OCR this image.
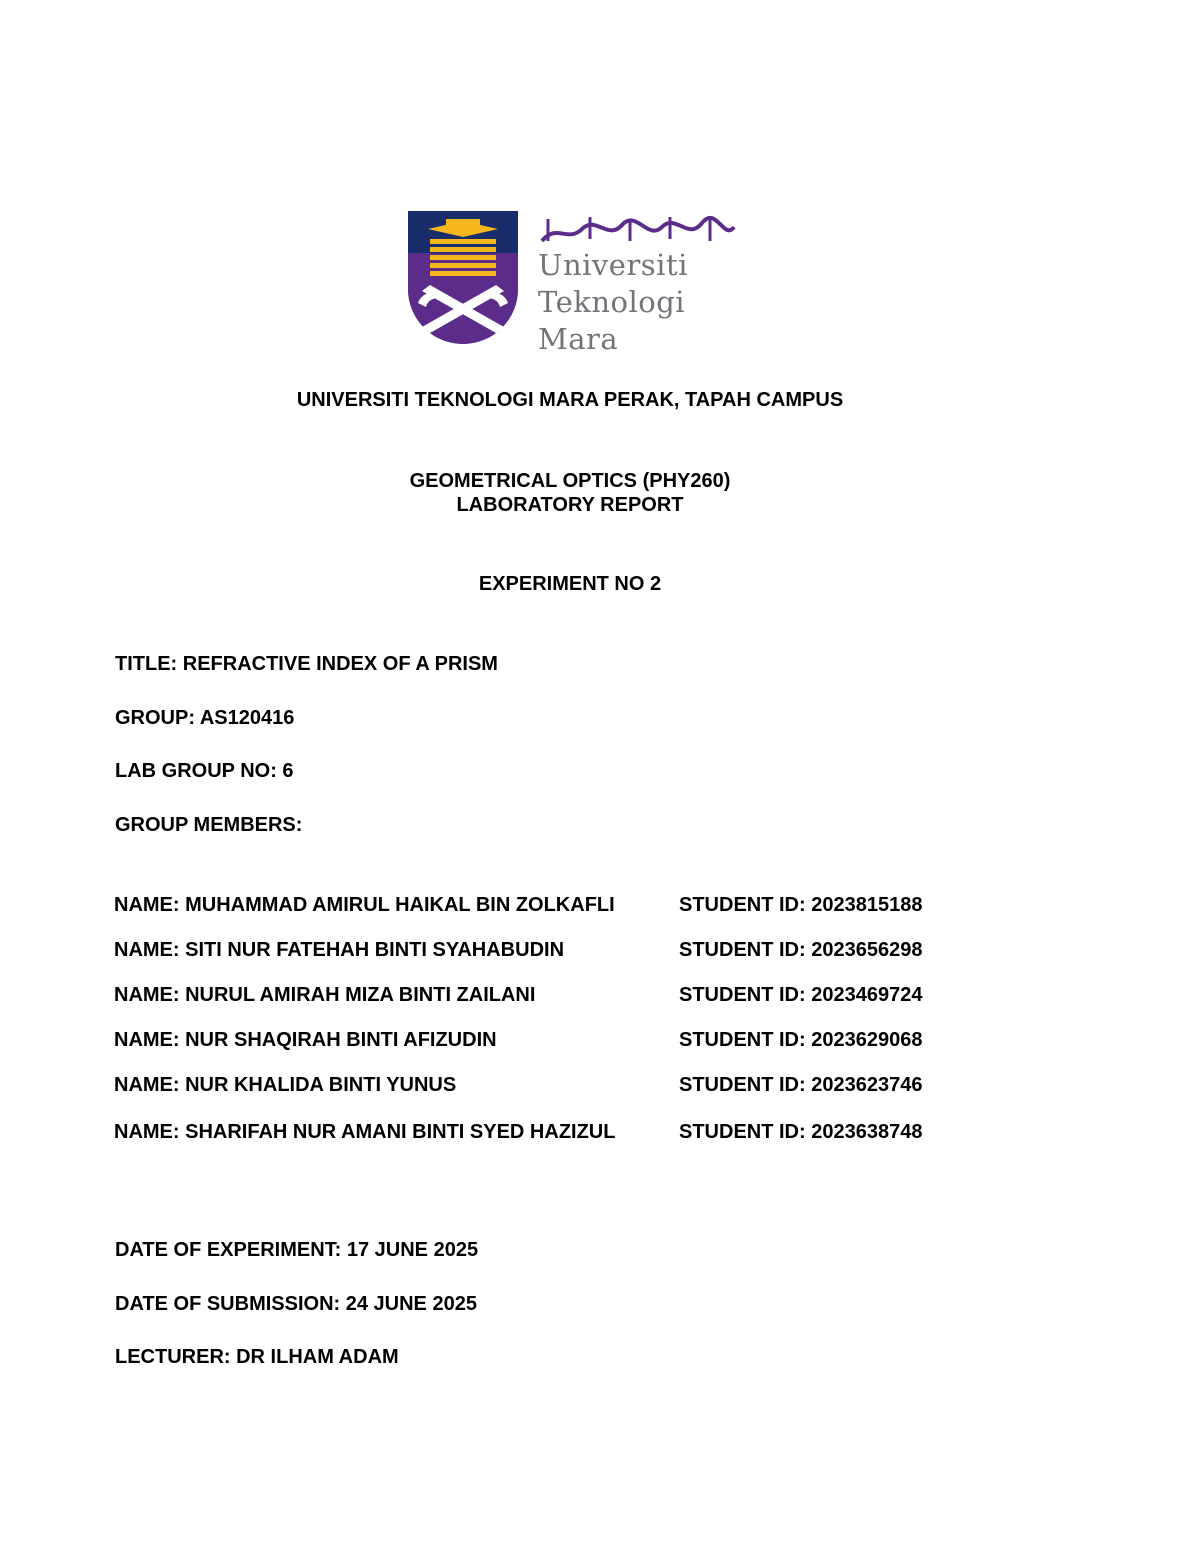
Universiti
Teknologi
Mara
UNIVERSITI TEKNOLOGI MARA PERAK, TAPAH CAMPUS
GEOMETRICAL OPTICS (PHY260)
LABORATORY REPORT
EXPERIMENT NO 2
TITLE: REFRACTIVE INDEX OF A PRISM
GROUP: AS120416
LAB GROUP NO: 6
GROUP MEMBERS:
NAME: MUHAMMAD AMIRUL HAIKAL BIN ZOLKAFLI	STUDENT ID: 2023815188
NAME: SITI NUR FATEHAH BINTI SYAHABUDIN	STUDENT ID: 2023656298
NAME: NURUL AMIRAH MIZA BINTI ZAILANI	STUDENT ID: 2023469724
NAME: NUR SHAQIRAH BINTI AFIZUDIN	STUDENT ID: 2023629068
NAME: NUR KHALIDA BINTI YUNUS	STUDENT ID: 2023623746
NAME: SHARIFAH NUR AMANI BINTI SYED HAZIZUL	STUDENT ID: 2023638748
DATE OF EXPERIMENT: 17 JUNE 2025
DATE OF SUBMISSION: 24 JUNE 2025
LECTURER: DR ILHAM ADAM
